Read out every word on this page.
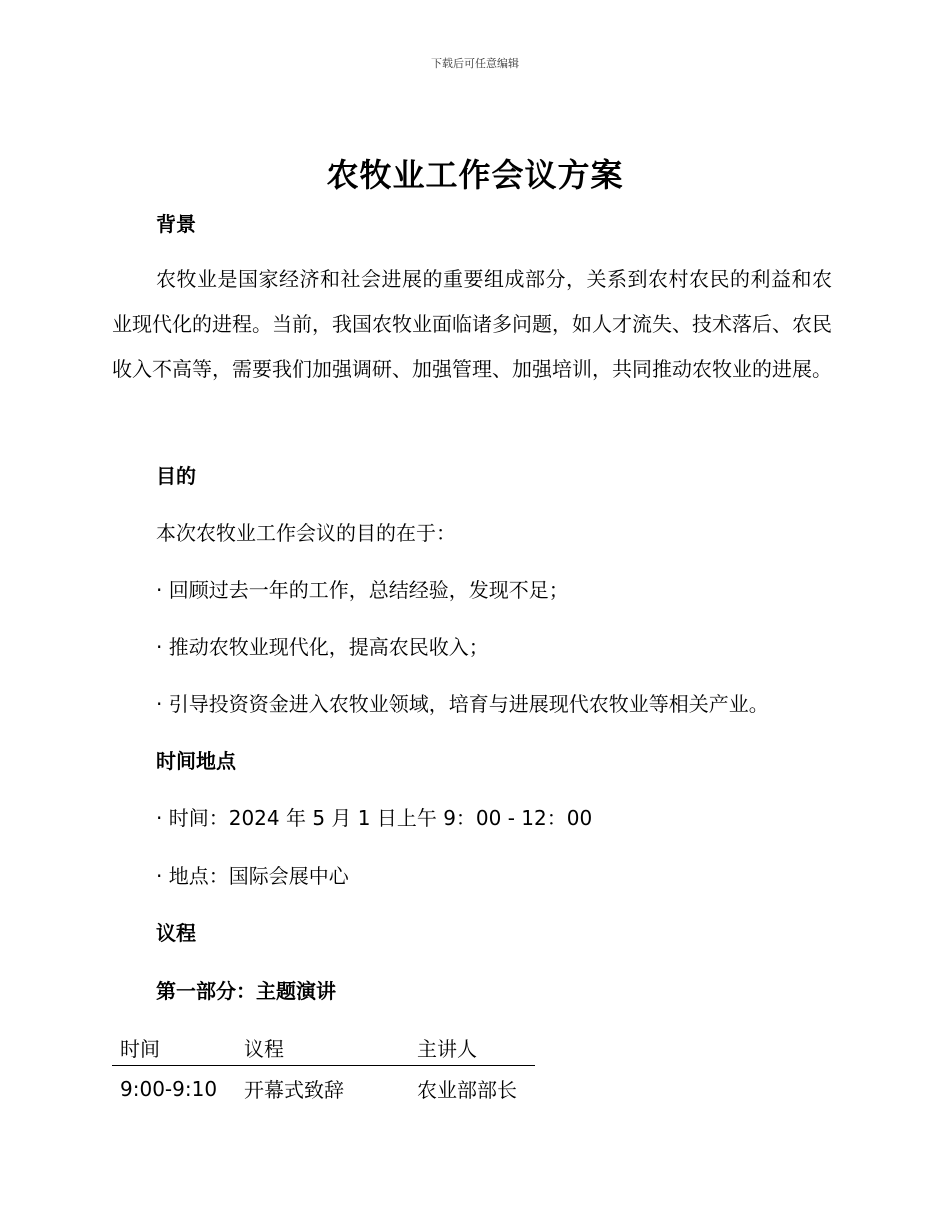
下载后可任意编辑
农牧业工作会议方案
背景
农牧业是国家经济和社会进展的重要组成部分，关系到农村农民的利益和农业现代化的进程。当前，我国农牧业面临诸多问题，如人才流失、技术落后、农民收入不高等，需要我们加强调研、加强管理、加强培训，共同推动农牧业的进展。
目的
本次农牧业工作会议的目的在于：
· 回顾过去一年的工作，总结经验，发现不足；
· 推动农牧业现代化，提高农民收入；
· 引导投资资金进入农牧业领域，培育与进展现代农牧业等相关产业。
时间地点
· 时间：2024 年 5 月 1 日上午 9：00 - 12：00
· 地点：国际会展中心
议程
第一部分：主题演讲
时间	议程	主讲人
9:00-9:10	开幕式致辞	农业部部长
